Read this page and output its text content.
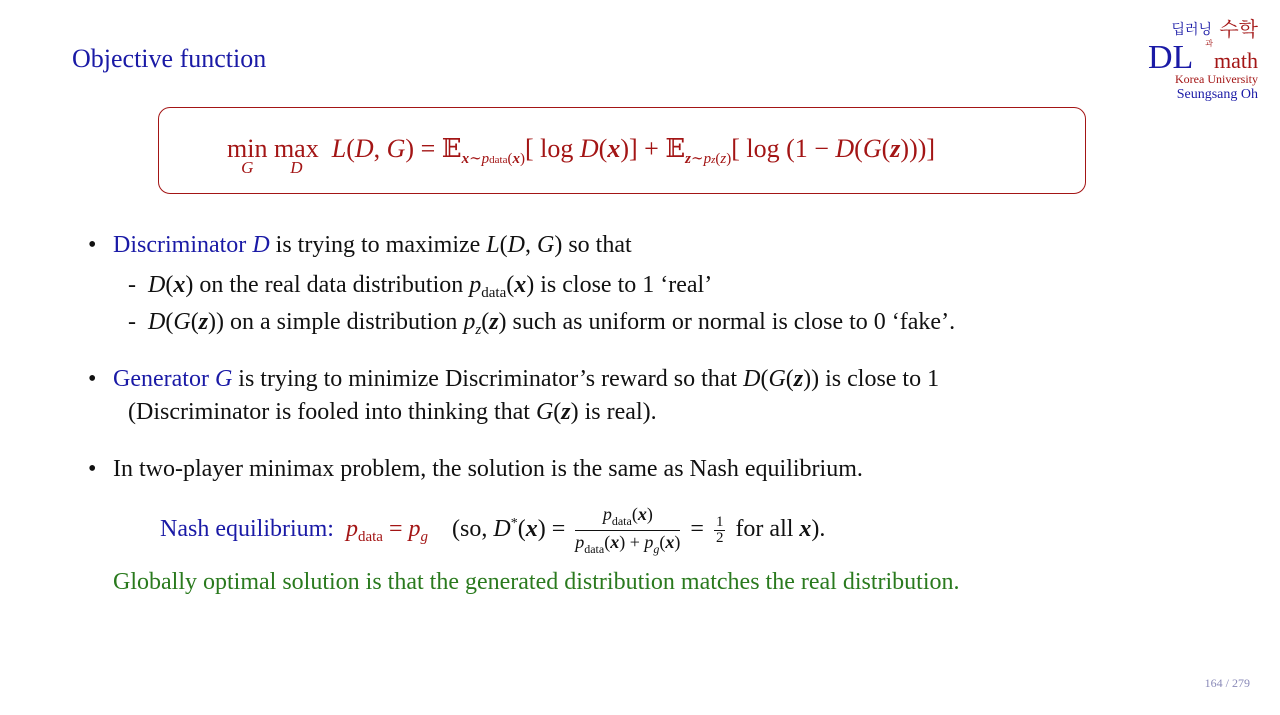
Objective function
딥러닝
과
수학
DL math
Korea University
Seungsang Oh
min
G
max
D
L(D, G) = 𝔼$_{x\sim pdata(x)}$[ log D(x)] + 𝔼$_{z\sim pz(z)}$[ log (1 − D(G(z)))]
• Discriminator D is trying to maximize L(D, G) so that
-  D(x) on the real data distribution $p_{data}(x)$ is close to 1 ‘real’
-  D(G(z)) on a simple distribution $p_z(z)$ such as uniform or normal is close to 0 ‘fake’.
• Generator G is trying to minimize Discriminator’s reward so that D(G(z)) is close to 1
(Discriminator is fooled into thinking that G(z) is real).
• In two-player minimax problem, the solution is the same as Nash equilibrium.
Nash equilibrium: $p_{data} = p_g$ (so, $D^*(x) = \frac{p_{data}(x)}{p_{data}(x) + p_g(x)} = \frac{1}{2}$ for all x).
Globally optimal solution is that the generated distribution matches the real distribution.
164 / 279
